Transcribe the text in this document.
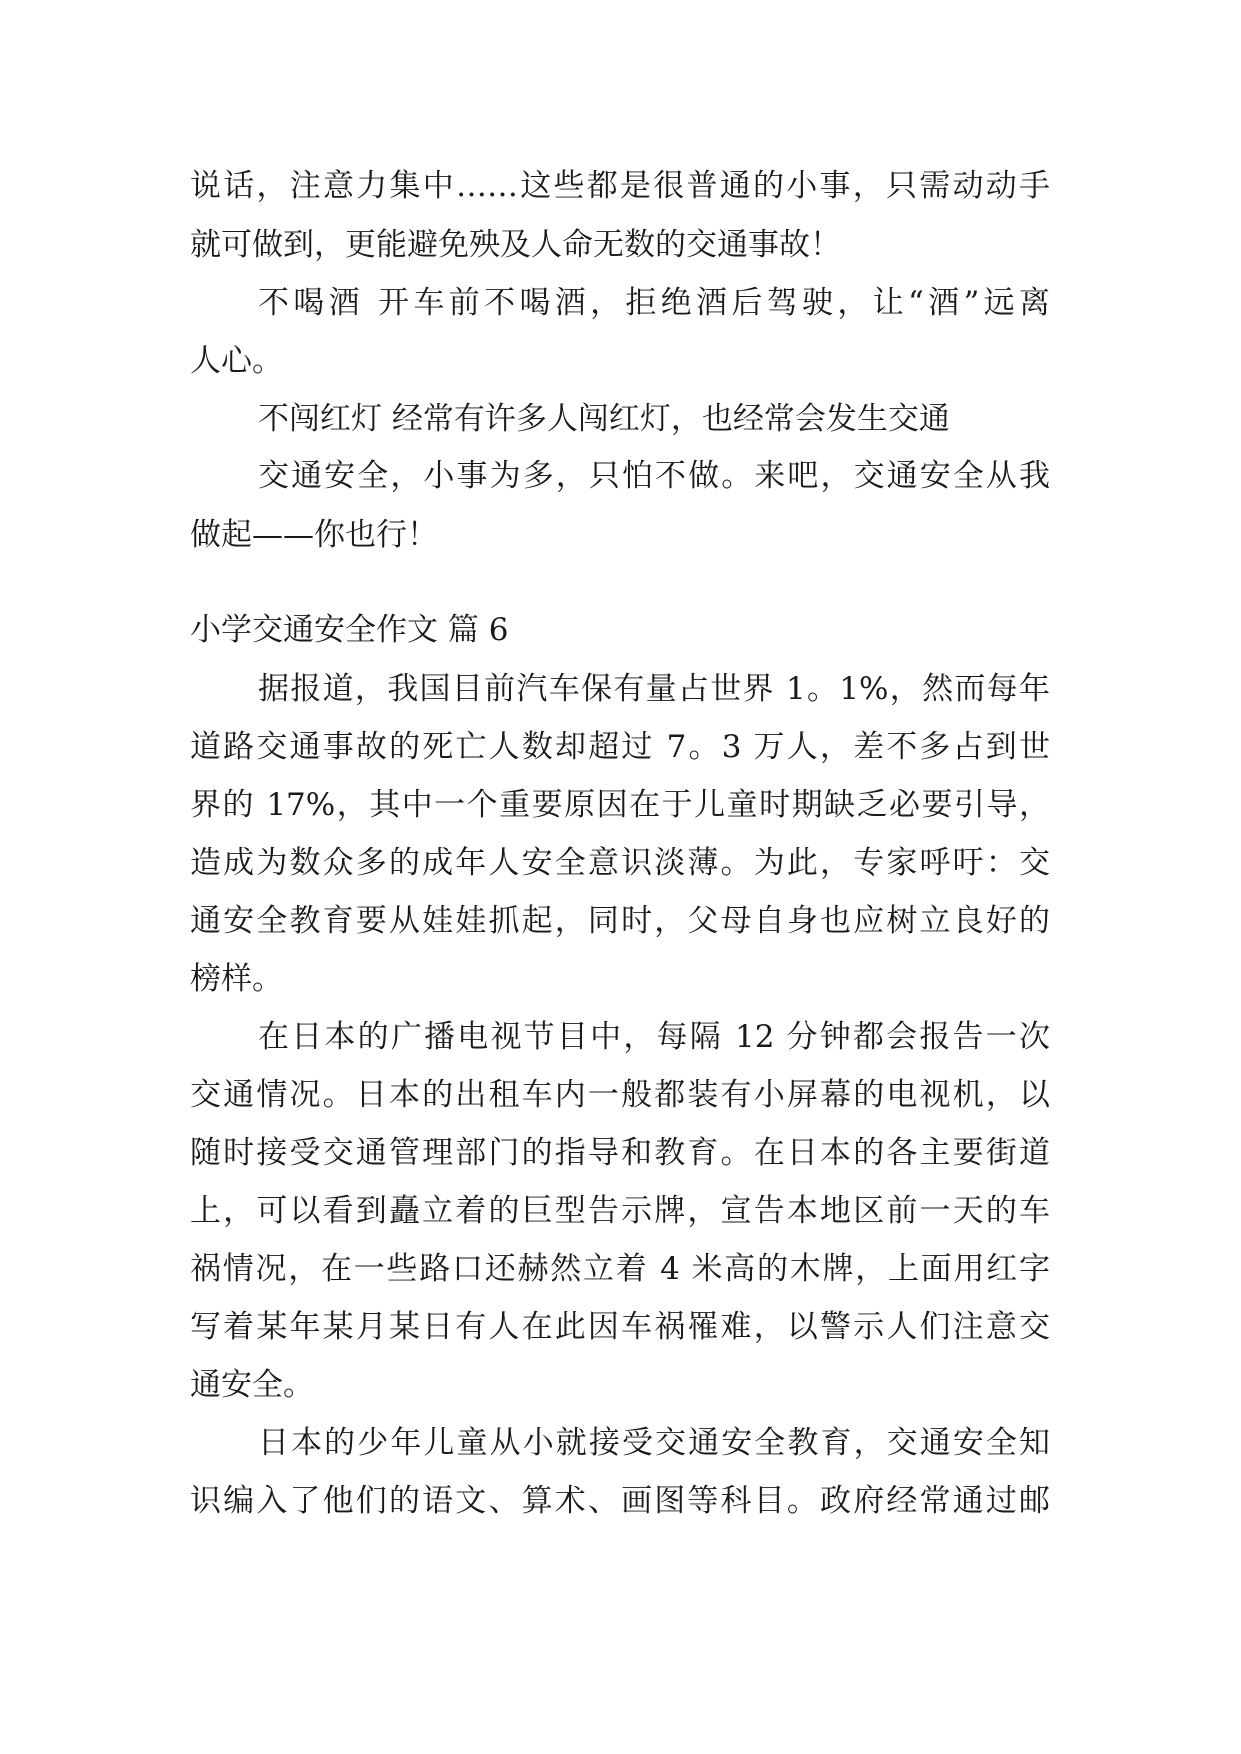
说话，注意力集中……这些都是很普通的小事，只需动动手
就可做到，更能避免殃及人命无数的交通事故！
不喝酒 开车前不喝酒，拒绝酒后驾驶，让“酒”远离
人心。
不闯红灯 经常有许多人闯红灯，也经常会发生交通
交通安全，小事为多，只怕不做。来吧，交通安全从我
做起——你也行！
小学交通安全作文 篇 6
据报道，我国目前汽车保有量占世界 1。1%，然而每年
道路交通事故的死亡人数却超过 7。3 万人，差不多占到世
界的 17%，其中一个重要原因在于儿童时期缺乏必要引导，
造成为数众多的成年人安全意识淡薄。为此，专家呼吁：交
通安全教育要从娃娃抓起，同时，父母自身也应树立良好的
榜样。
在日本的广播电视节目中，每隔 12 分钟都会报告一次
交通情况。日本的出租车内一般都装有小屏幕的电视机，以
随时接受交通管理部门的指导和教育。在日本的各主要街道
上，可以看到矗立着的巨型告示牌，宣告本地区前一天的车
祸情况，在一些路口还赫然立着 4 米高的木牌，上面用红字
写着某年某月某日有人在此因车祸罹难，以警示人们注意交
通安全。
日本的少年儿童从小就接受交通安全教育，交通安全知
识编入了他们的语文、算术、画图等科目。政府经常通过邮
